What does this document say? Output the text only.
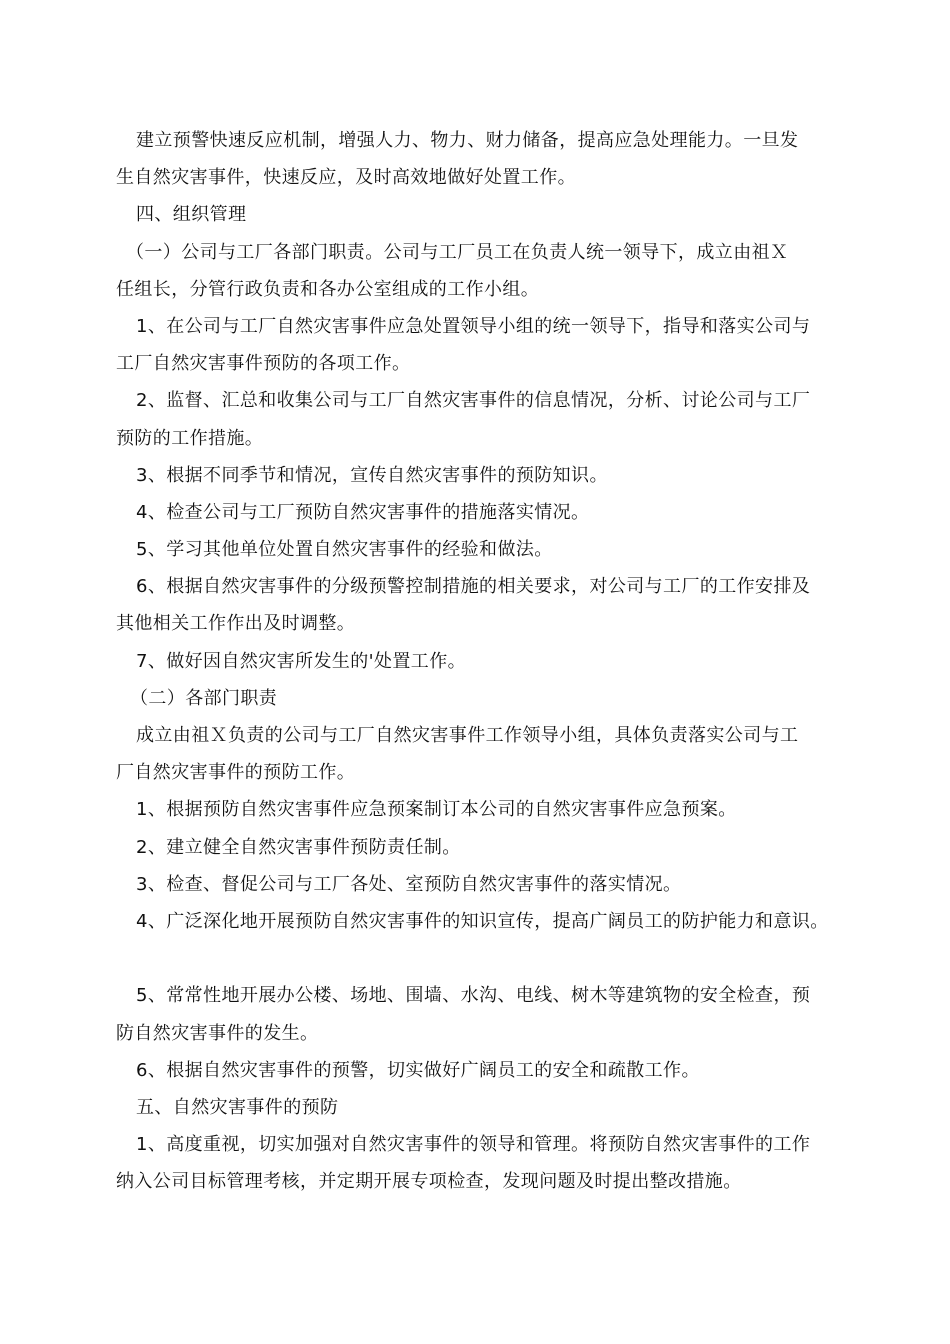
建立预警快速反应机制，增强人力、物力、财力储备，提高应急处理能力。一旦发
生自然灾害事件，快速反应，及时高效地做好处置工作。
四、组织管理
（一）公司与工厂各部门职责。公司与工厂员工在负责人统一领导下，成立由祖Ｘ
任组长，分管行政负责和各办公室组成的工作小组。
1、在公司与工厂自然灾害事件应急处置领导小组的统一领导下，指导和落实公司与
工厂自然灾害事件预防的各项工作。
2、监督、汇总和收集公司与工厂自然灾害事件的信息情况，分析、讨论公司与工厂
预防的工作措施。
3、根据不同季节和情况，宣传自然灾害事件的预防知识。
4、检查公司与工厂预防自然灾害事件的措施落实情况。
5、学习其他单位处置自然灾害事件的经验和做法。
6、根据自然灾害事件的分级预警控制措施的相关要求，对公司与工厂的工作安排及
其他相关工作作出及时调整。
7、做好因自然灾害所发生的'处置工作。
（二）各部门职责
成立由祖Ｘ负责的公司与工厂自然灾害事件工作领导小组，具体负责落实公司与工
厂自然灾害事件的预防工作。
1、根据预防自然灾害事件应急预案制订本公司的自然灾害事件应急预案。
2、建立健全自然灾害事件预防责任制。
3、检查、督促公司与工厂各处、室预防自然灾害事件的落实情况。
4、广泛深化地开展预防自然灾害事件的知识宣传，提高广阔员工的防护能力和意识。
5、常常性地开展办公楼、场地、围墙、水沟、电线、树木等建筑物的安全检查，预
防自然灾害事件的发生。
6、根据自然灾害事件的预警，切实做好广阔员工的安全和疏散工作。
五、自然灾害事件的预防
1、高度重视，切实加强对自然灾害事件的领导和管理。将预防自然灾害事件的工作
纳入公司目标管理考核，并定期开展专项检查，发现问题及时提出整改措施。
